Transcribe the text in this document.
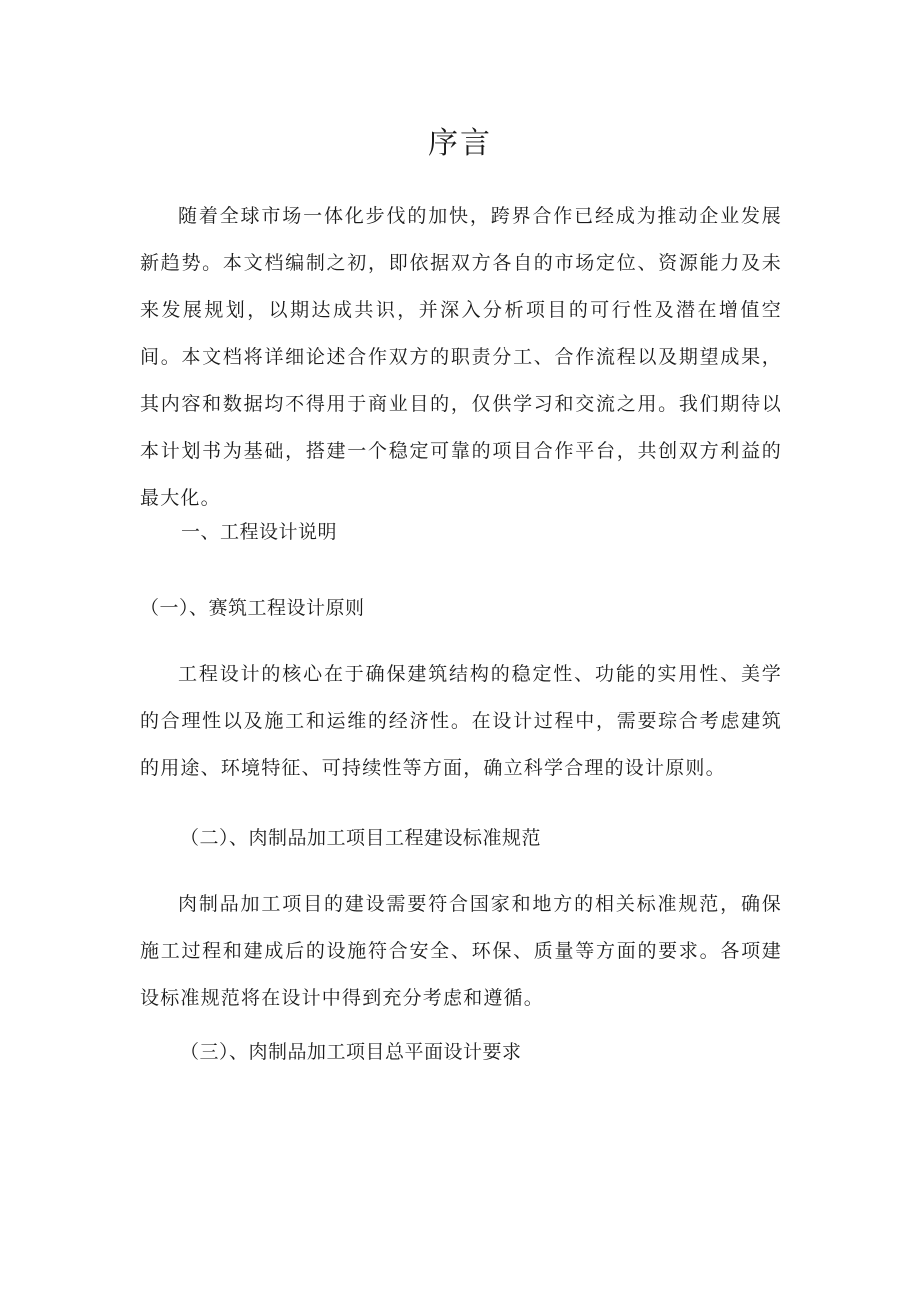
序言

随着全球市场一体化步伐的加快，跨界合作已经成为推动企业发展新趋势。本文档编制之初，即依据双方各自的市场定位、资源能力及未来发展规划，以期达成共识，并深入分析项目的可行性及潜在增值空间。本文档将详细论述合作双方的职责分工、合作流程以及期望成果，其内容和数据均不得用于商业目的，仅供学习和交流之用。我们期待以本计划书为基础，搭建一个稳定可靠的项目合作平台，共创双方利益的最大化。

一、工程设计说明
（一）、赛筑工程设计原则

工程设计的核心在于确保建筑结构的稳定性、功能的实用性、美学的合理性以及施工和运维的经济性。在设计过程中，需要琮合考虑建筑的用途、环境特征、可持续性等方面，确立科学合理的设计原则。

（二）、肉制品加工项目工程建设标准规范

肉制品加工项目的建设需要符合国家和地方的相关标准规范，确保施工过程和建成后的设施符合安全、环保、质量等方面的要求。各项建设标准规范将在设计中得到充分考虑和遵循。

（三）、肉制品加工项目总平面设计要求
